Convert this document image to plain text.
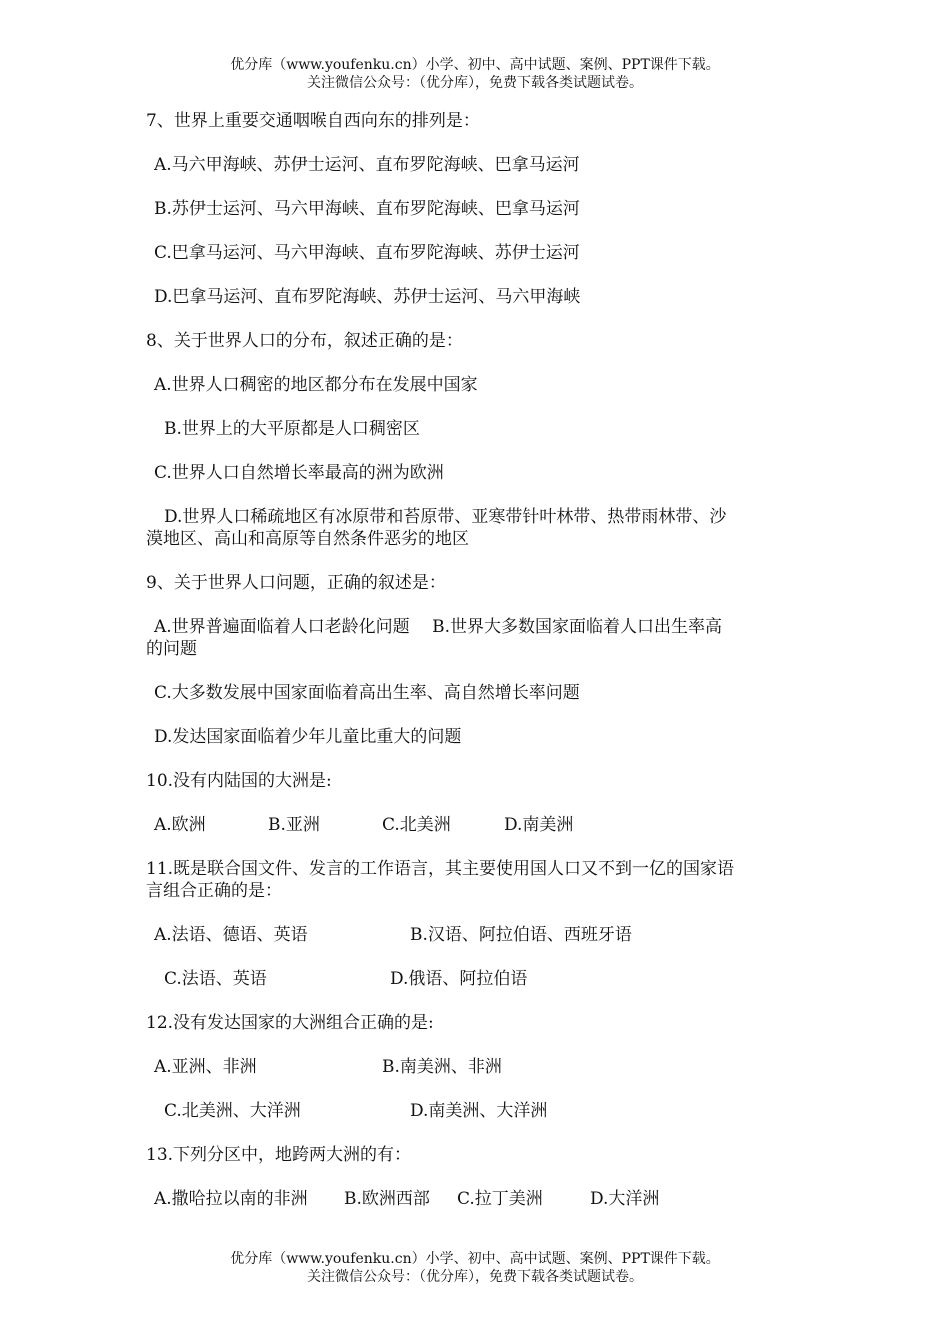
优分库（www.youfenku.cn）小学、初中、高中试题、案例、PPT课件下载。
关注微信公众号：（优分库），免费下载各类试题试卷。
7、世界上重要交通咽喉自西向东的排列是：
A.马六甲海峡、苏伊士运河、直布罗陀海峡、巴拿马运河
B.苏伊士运河、马六甲海峡、直布罗陀海峡、巴拿马运河
C.巴拿马运河、马六甲海峡、直布罗陀海峡、苏伊士运河
D.巴拿马运河、直布罗陀海峡、苏伊士运河、马六甲海峡
8、关于世界人口的分布，叙述正确的是：
A.世界人口稠密的地区都分布在发展中国家
B.世界上的大平原都是人口稠密区
C.世界人口自然增长率最高的洲为欧洲
D.世界人口稀疏地区有冰原带和苔原带、亚寒带针叶林带、热带雨林带、沙
漠地区、高山和高原等自然条件恶劣的地区
9、关于世界人口问题，正确的叙述是：
A.世界普遍面临着人口老龄化问题　 B.世界大多数国家面临着人口出生率高
的问题
C.大多数发展中国家面临着高出生率、高自然增长率问题
D.发达国家面临着少年儿童比重大的问题
10.没有内陆国的大洲是:
A.欧洲	B.亚洲	C.北美洲	D.南美洲
11.既是联合国文件、发言的工作语言，其主要使用国人口又不到一亿的国家语
言组合正确的是：
A.法语、德语、英语	B.汉语、阿拉伯语、西班牙语
C.法语、英语	D.俄语、阿拉伯语
12.没有发达国家的大洲组合正确的是:
A.亚洲、非洲	B.南美洲、非洲
C.北美洲、大洋洲	D.南美洲、大洋洲
13.下列分区中，地跨两大洲的有：
A.撒哈拉以南的非洲 B.欧洲西部 C.拉丁美洲	D.大洋洲
优分库（www.youfenku.cn）小学、初中、高中试题、案例、PPT课件下载。
关注微信公众号：（优分库），免费下载各类试题试卷。
